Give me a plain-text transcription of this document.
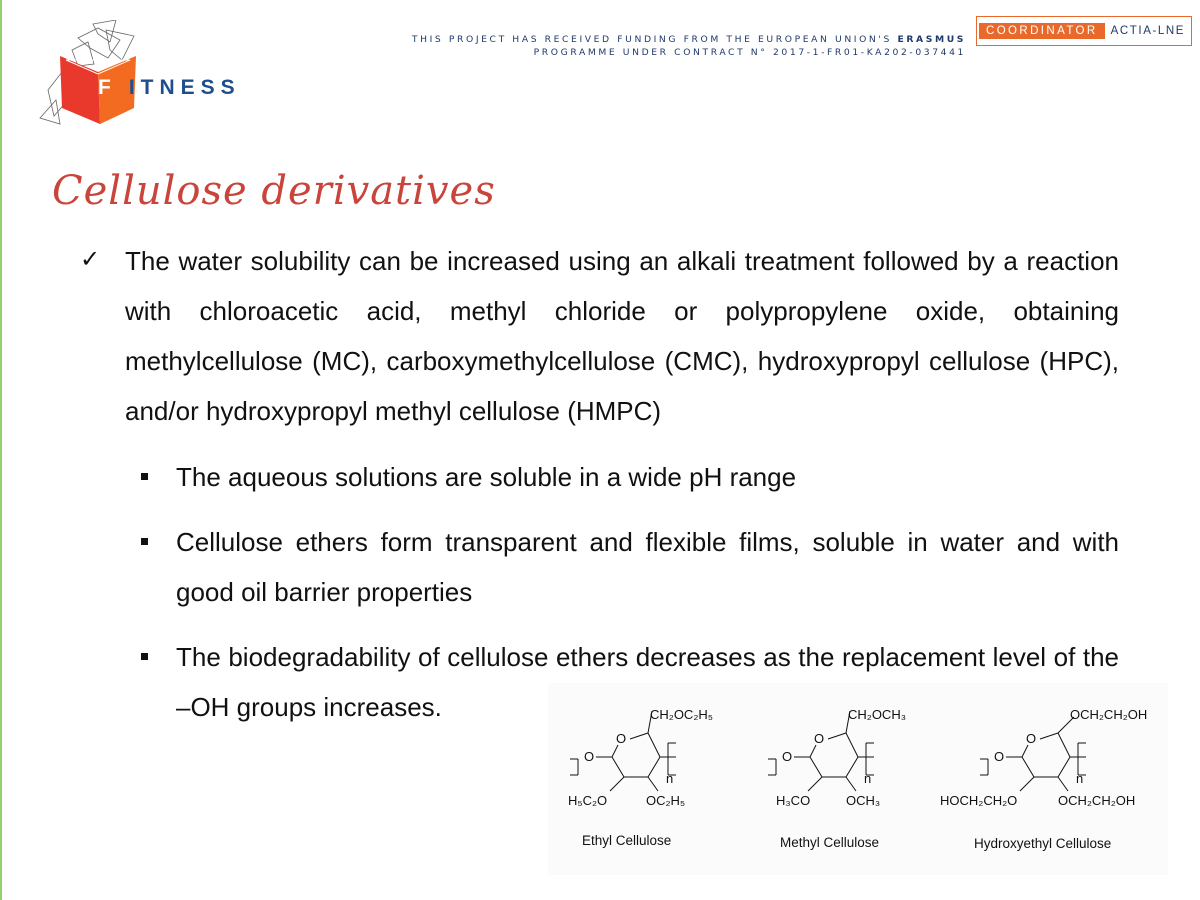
F ITNESS
THIS PROJECT HAS RECEIVED FUNDING FROM THE EUROPEAN UNION'S ERASMUS
PROGRAMME UNDER CONTRACT N° 2017-1-FR01-KA202-037441
COORDINATOR	ACTIA-LNE
Cellulose derivatives
✓ The water solubility can be increased using an alkali treatment followed by a reaction with chloroacetic acid, methyl chloride or polypropylene oxide, obtaining methylcellulose (MC), carboxymethylcellulose (CMC), hydroxypropyl cellulose (HPC), and/or hydroxypropyl methyl cellulose (HMPC)
The aqueous solutions are soluble in a wide pH range
Cellulose ethers form transparent and flexible films, soluble in water and with good oil barrier properties
The biodegradability of cellulose ethers decreases as the replacement level of the –OH groups increases.
O
O
CH₂OC₂H₅
n
H₅C₂O	OC₂H₅
Ethyl Cellulose
O
O
CH₂OCH₃
n
H₃CO	OCH₃
Methyl Cellulose
O
O
OCH₂CH₂OH
n
HOCH₂CH₂O	OCH₂CH₂OH
Hydroxyethyl Cellulose
